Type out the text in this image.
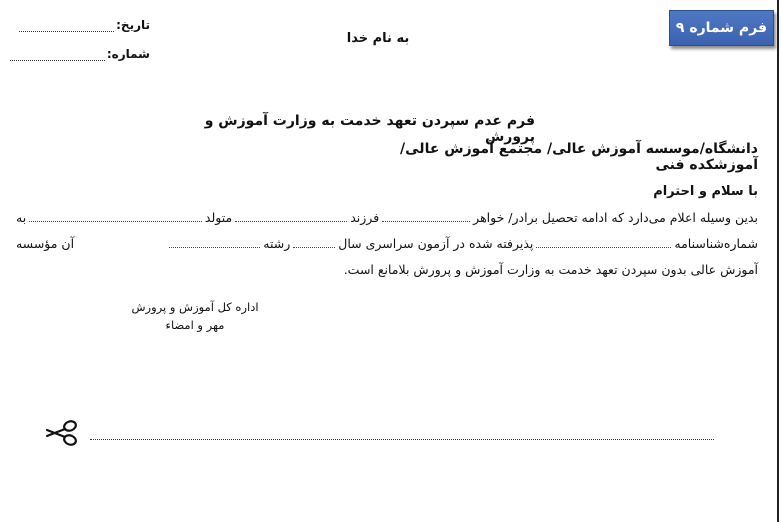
فرم شماره ۹
تاریخ:
شماره:
به نام خدا
فرم عدم سپردن تعهد خدمت به وزارت آموزش و پرورش
دانشگاه/موسسه آموزش عالی/ مجتمع آموزش عالی/ آموزشکده فنی
با سلام و احترام
بدین وسیله اعلام می‌دارد که ادامه تحصیل برادر/ خواهر
فرزند
متولد
به
شماره‌شناسنامه
پذیرفته شده در آزمون سراسری سال
رشته
آن مؤسسه
آموزش عالی بدون سپردن تعهد خدمت به وزارت آموزش و پرورش بلامانع است.
اداره کل آموزش و پرورش
مهر و امضاء
